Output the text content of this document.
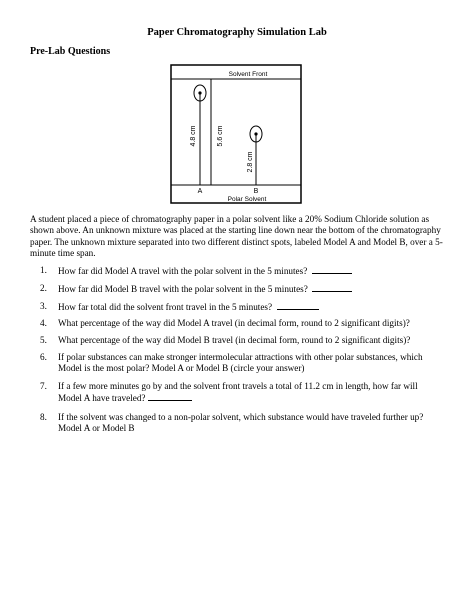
Paper Chromatography Simulation Lab
Pre-Lab Questions
Solvent Front
4.8 cm	5.6 cm
2.8 cm
A	B
Polar Solvent
A student placed a piece of chromatography paper in a polar solvent like a 20% Sodium Chloride solution as shown above. An unknown mixture was placed at the starting line down near the bottom of the chromatography paper. The unknown mixture separated into two different distinct spots, labeled Model A and Model B, over a 5-minute time span.
1. How far did Model A travel with the polar solvent in the 5 minutes?
2. How far did Model B travel with the polar solvent in the 5 minutes?
3. How far total did the solvent front travel in the 5 minutes?
4. What percentage of the way did Model A travel (in decimal form, round to 2 significant digits)?
5. What percentage of the way did Model B travel (in decimal form, round to 2 significant digits)?
6. If polar substances can make stronger intermolecular attractions with other polar substances, which
Model is the most polar? Model A or Model B (circle your answer)
7. If a few more minutes go by and the solvent front travels a total of 11.2 cm in length, how far will
Model A have traveled?
8. If the solvent was changed to a non-polar solvent, which substance would have traveled further up?
Model A or Model B
